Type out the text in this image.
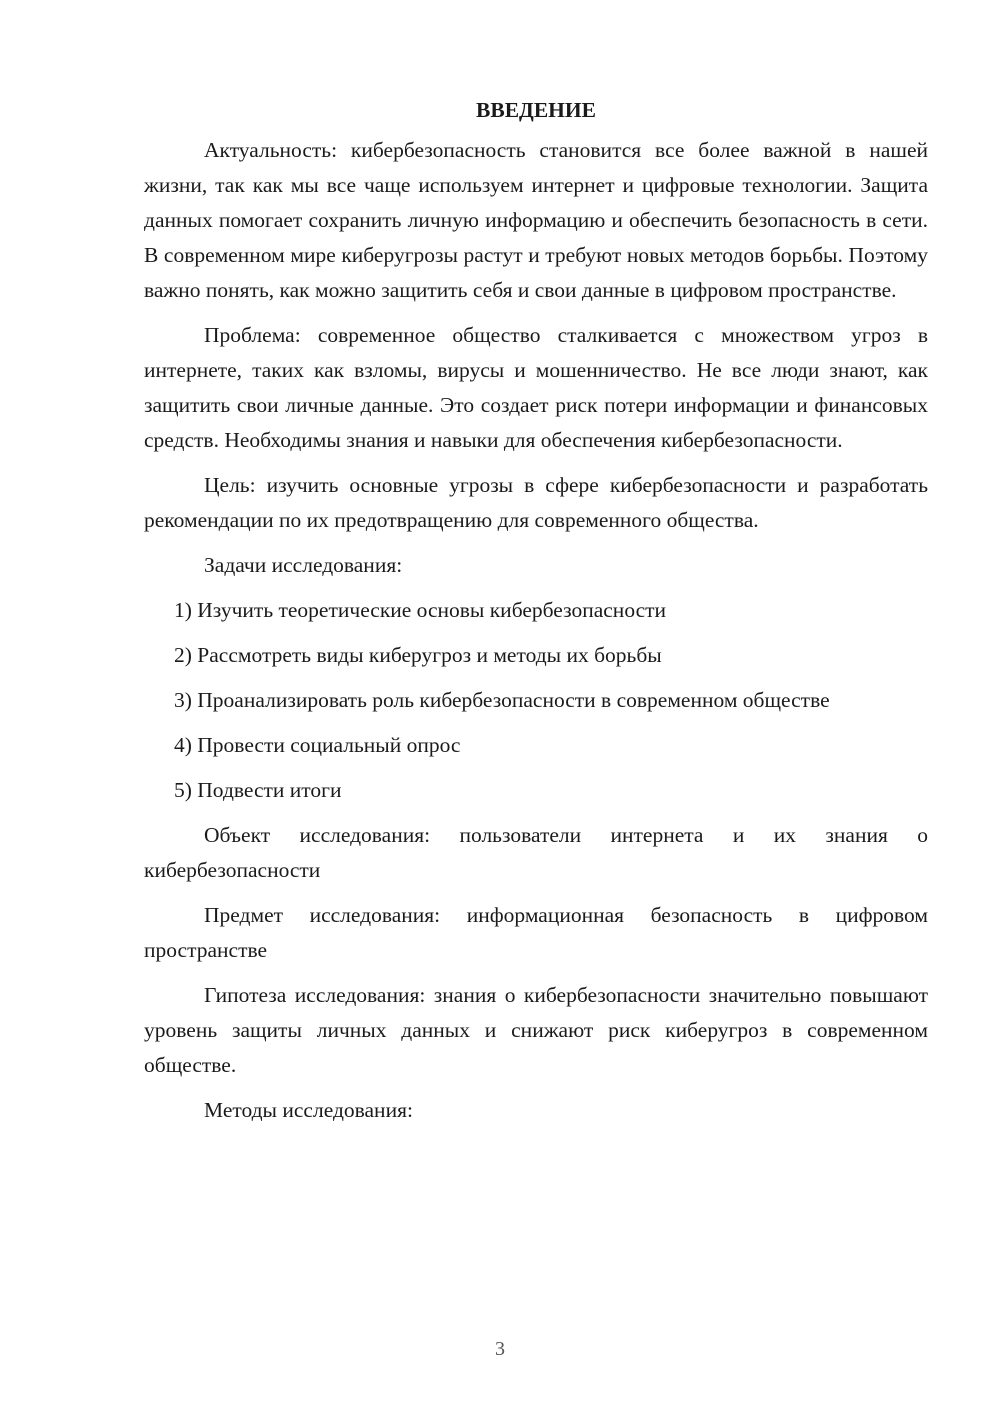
ВВЕДЕНИЕ

Актуальность: кибербезопасность становится все более важной в нашей жизни, так как мы все чаще используем интернет и цифровые технологии. Защита данных помогает сохранить личную информацию и обеспечить безопасность в сети. В современном мире киберугрозы растут и требуют новых методов борьбы. Поэтому важно понять, как можно защитить себя и свои данные в цифровом пространстве.

Проблема: современное общество сталкивается с множеством угроз в интернете, таких как взломы, вирусы и мошенничество. Не все люди знают, как защитить свои личные данные. Это создает риск потери информации и финансовых средств. Необходимы знания и навыки для обеспечения кибербезопасности.

Цель: изучить основные угрозы в сфере кибербезопасности и разработать рекомендации по их предотвращению для современного общества.

Задачи исследования:

1) Изучить теоретические основы кибербезопасности

2) Рассмотреть виды киберугроз и методы их борьбы

3) Проанализировать роль кибербезопасности в современном обществе

4) Провести социальный опрос

5) Подвести итоги

Объект исследования: пользователи интернета и их знания о кибербезопасности

Предмет исследования: информационная безопасность в цифровом пространстве

Гипотеза исследования: знания о кибербезопасности значительно повышают уровень защиты личных данных и снижают риск киберугроз в современном обществе.

Методы исследования:

3
